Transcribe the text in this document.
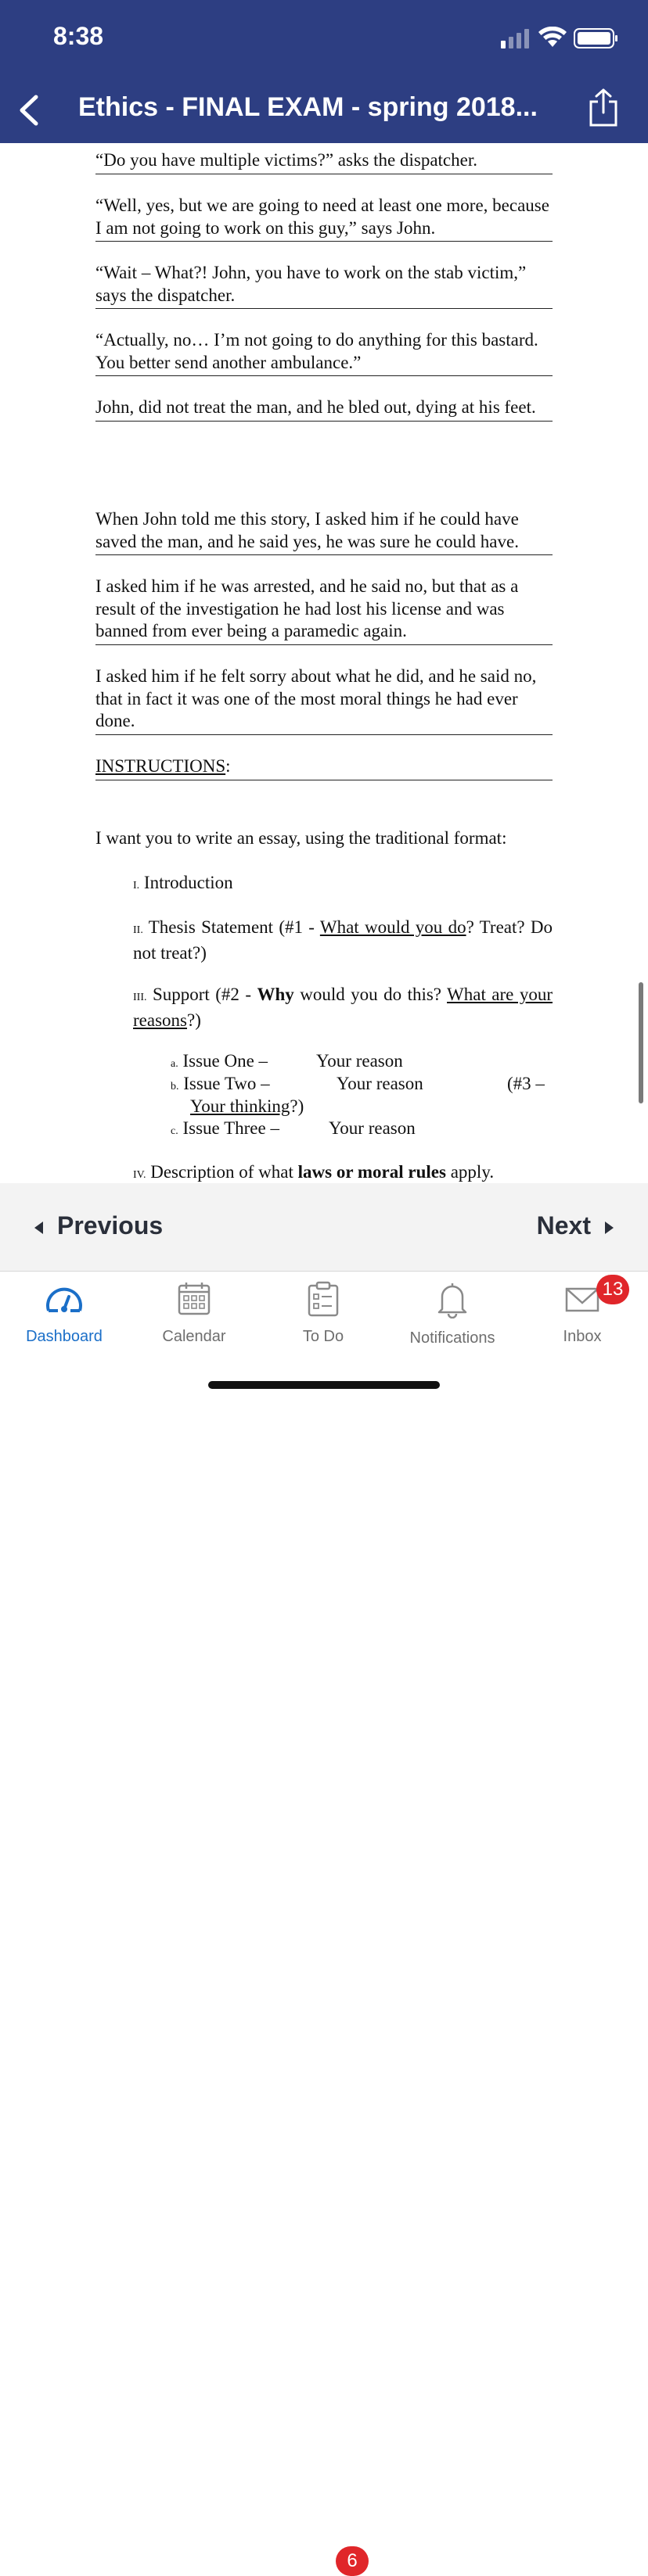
8:38
Ethics - FINAL EXAM - spring 2018...

“Do you have multiple victims?” asks the dispatcher.

“Well, yes, but we are going to need at least one more, because I am not going to work on this guy,” says John.

“Wait – What?! John, you have to work on the stab victim,” says the dispatcher.

“Actually, no… I’m not going to do anything for this bastard. You better send another ambulance.”

John, did not treat the man, and he bled out, dying at his feet.

When John told me this story, I asked him if he could have saved the man, and he said yes, he was sure he could have.

I asked him if he was arrested, and he said no, but that as a result of the investigation he had lost his license and was banned from ever being a paramedic again.

I asked him if he felt sorry about what he did, and he said no, that in fact it was one of the most moral things he had ever done.

INSTRUCTIONS:

I want you to write an essay, using the traditional format:

I. Introduction

II. Thesis Statement (#1 - What would you do? Treat? Do not treat?)

III. Support (#2 - Why would you do this? What are your reasons?)

a. Issue One –	Your reason
b. Issue Two –	Your reason	(#3 –
Your thinking?)
c. Issue Three –	Your reason

IV. Description of what laws or moral rules apply.

Previous	Next
Dashboard	Calendar	To Do
6
Notifications	Inbox
13
